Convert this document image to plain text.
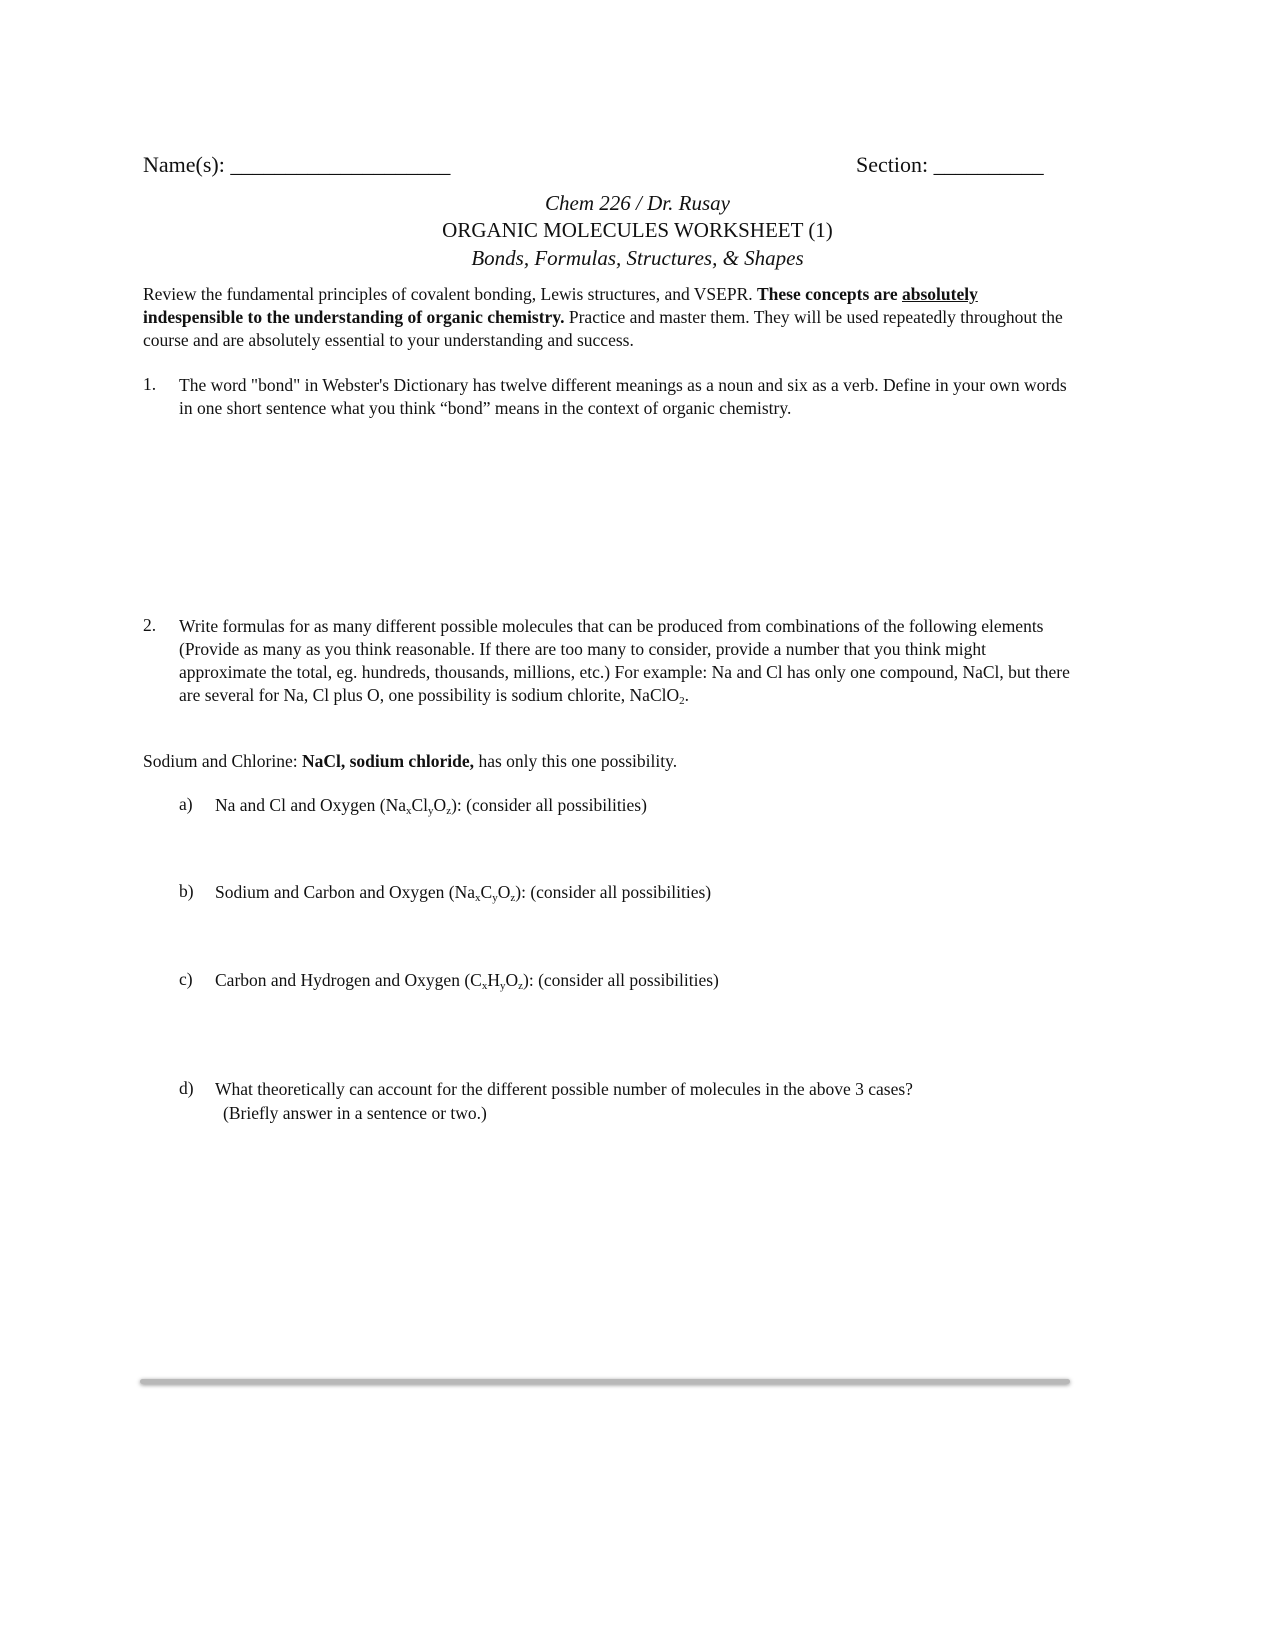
Name(s): ____________________	Section: __________
Chem 226 / Dr. Rusay
ORGANIC MOLECULES WORKSHEET (1)
Bonds, Formulas, Structures, & Shapes
Review the fundamental principles of covalent bonding, Lewis structures, and VSEPR. These concepts are absolutely indespensible to the understanding of organic chemistry. Practice and master them. They will be used repeatedly throughout the course and are absolutely essential to your understanding and success.
1. The word "bond" in Webster's Dictionary has twelve different meanings as a noun and six as a verb. Define in your own words in one short sentence what you think “bond” means in the context of organic chemistry.
2. Write formulas for as many different possible molecules that can be produced from combinations of the following elements (Provide as many as you think reasonable. If there are too many to consider, provide a number that you think might approximate the total, eg. hundreds, thousands, millions, etc.) For example: Na and Cl has only one compound, NaCl, but there are several for Na, Cl plus O, one possibility is sodium chlorite, NaClO$_2$.
Sodium and Chlorine: NaCl, sodium chloride, has only this one possibility.
a) Na and Cl and Oxygen $(Na_xCl_yO_z)$: (consider all possibilities)
b) Sodium and Carbon and Oxygen $(Na_xC_yO_z)$: (consider all possibilities)
c) Carbon and Hydrogen and Oxygen $(C_xH_yO_z)$: (consider all possibilities)
d) What theoretically can account for the different possible number of molecules in the above 3 cases?
(Briefly answer in a sentence or two.)
